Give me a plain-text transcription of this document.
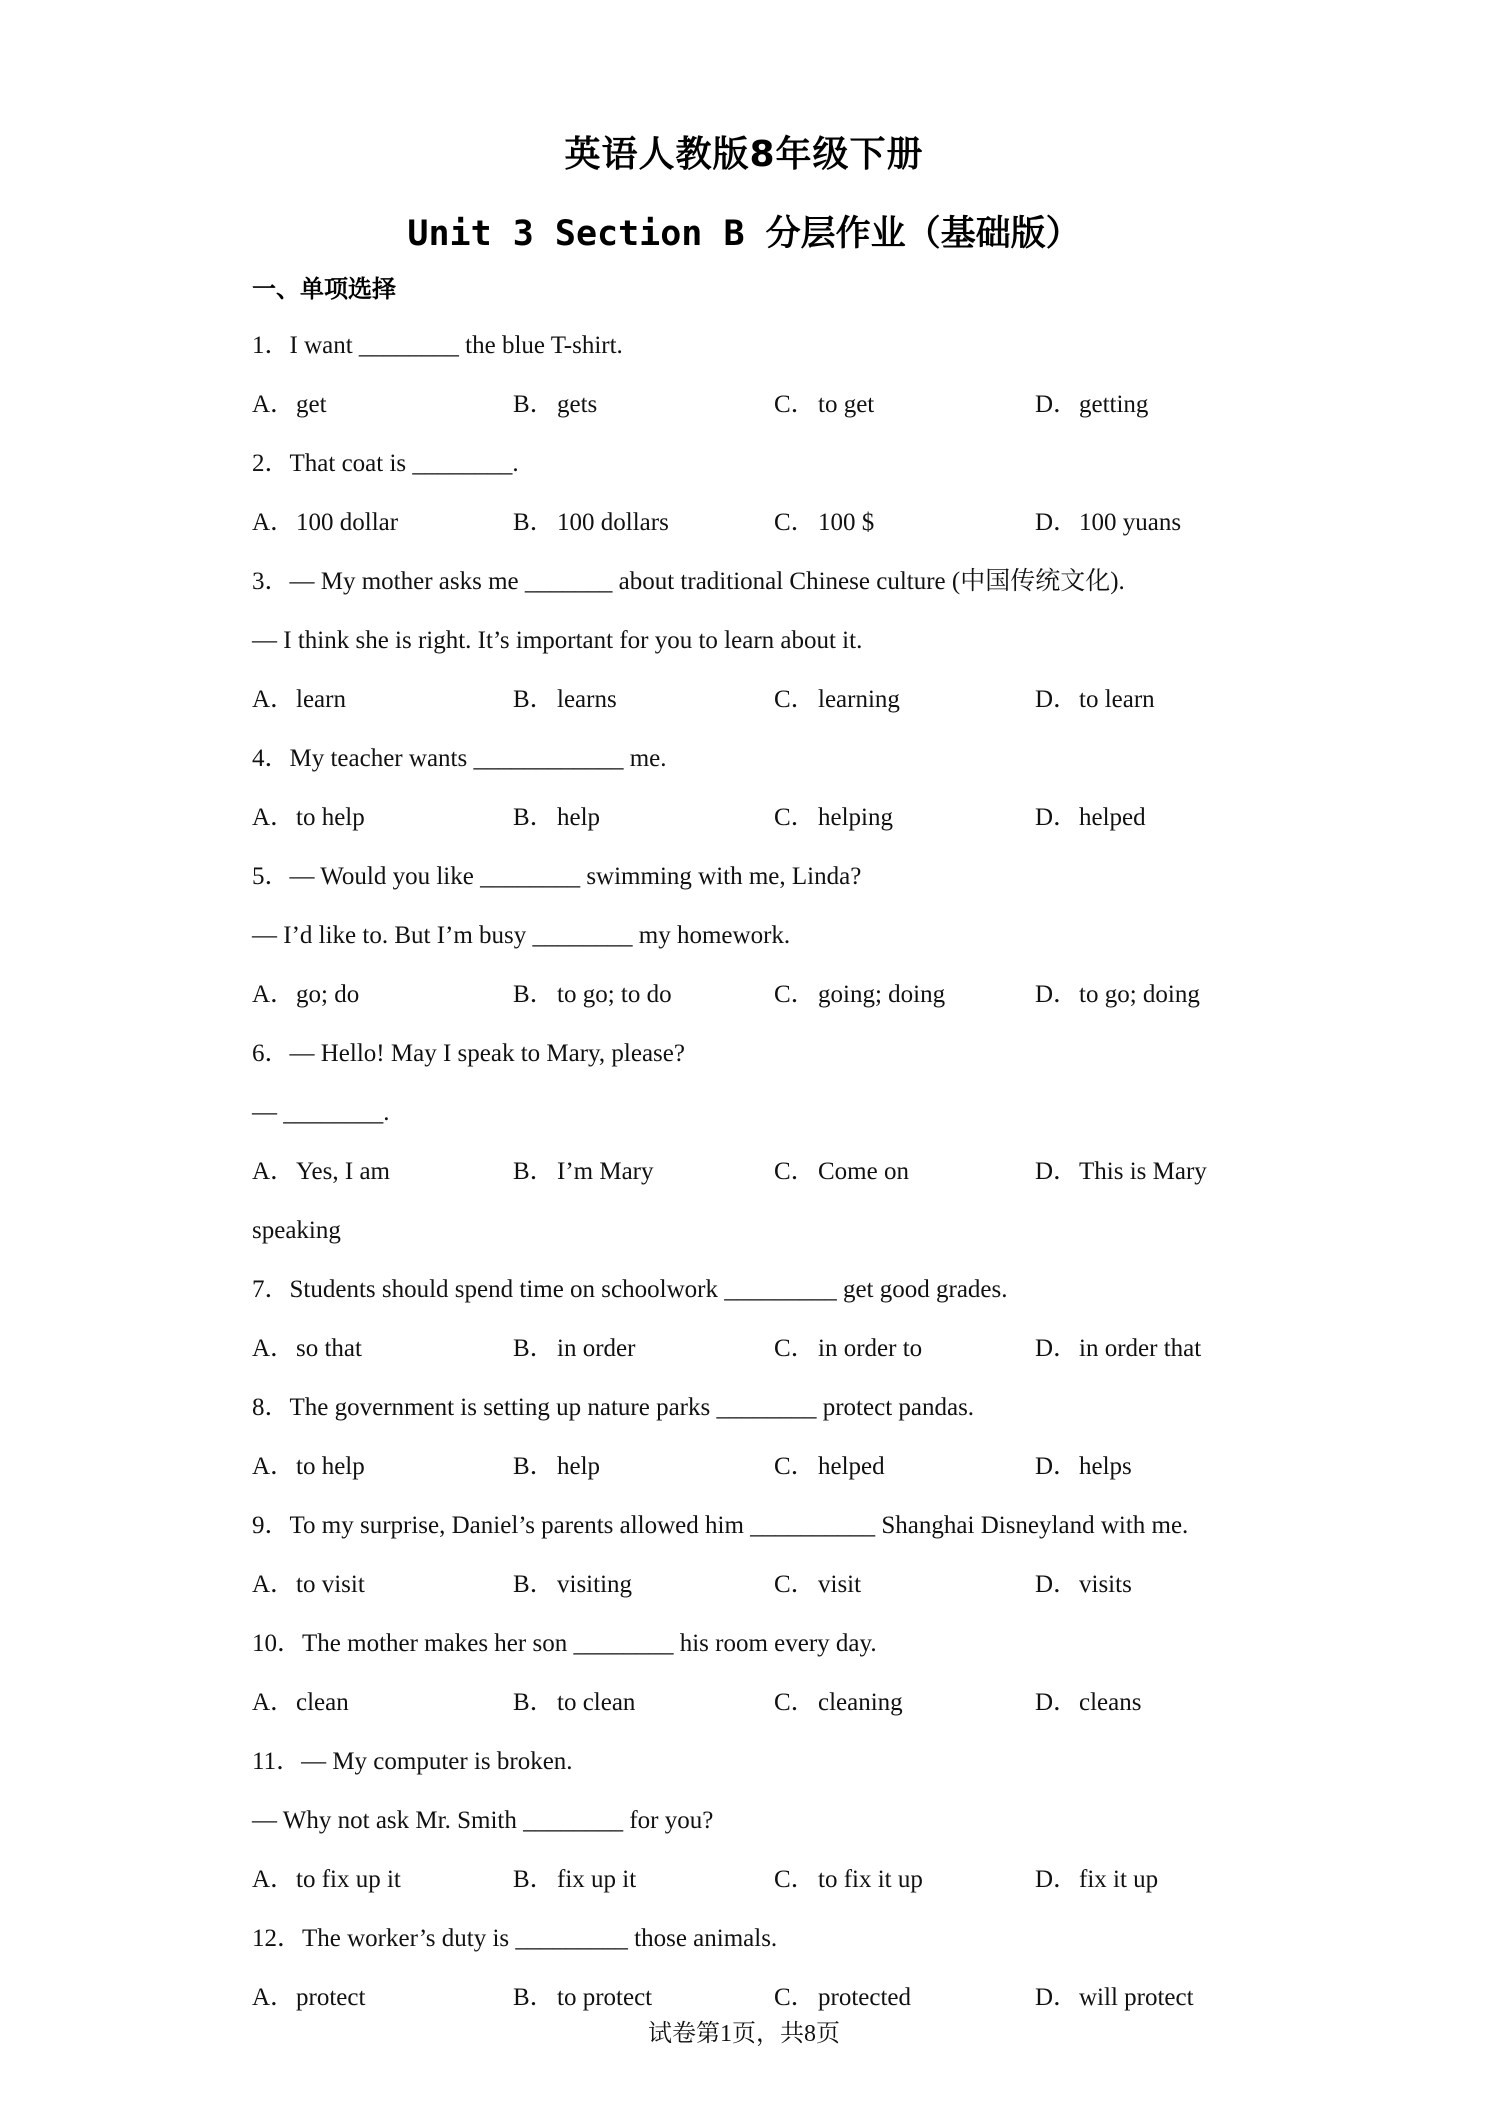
英语人教版8年级下册
Unit 3 Section B 分层作业（基础版）
一、单项选择
1．I want ________ the blue T-shirt.
A．get	B．gets	C．to get	D．getting
2．That coat is ________.
A．100 dollar	B．100 dollars	C．100 $	D．100 yuans
3．— My mother asks me _______ about traditional Chinese culture (中国传统文化).
— I think she is right. It’s important for you to learn about it.
A．learn	B．learns	C．learning	D．to learn
4．My teacher wants ____________ me.
A．to help	B．help	C．helping	D．helped
5．— Would you like ________ swimming with me, Linda?
— I’d like to. But I’m busy ________ my homework.
A．go; do	B．to go; to do	C．going; doing	D．to go; doing
6．— Hello! May I speak to Mary, please?
— ________.
A．Yes, I am	B．I’m Mary	C．Come on	D．This is Mary
speaking
7．Students should spend time on schoolwork _________ get good grades.
A．so that	B．in order	C．in order to	D．in order that
8．The government is setting up nature parks ________ protect pandas.
A．to help	B．help	C．helped	D．helps
9．To my surprise, Daniel’s parents allowed him __________ Shanghai Disneyland with me.
A．to visit	B．visiting	C．visit	D．visits
10．The mother makes her son ________ his room every day.
A．clean	B．to clean	C．cleaning	D．cleans
11．— My computer is broken.
— Why not ask Mr. Smith ________ for you?
A．to fix up it	B．fix up it	C．to fix it up	D．fix it up
12．The worker’s duty is _________ those animals.
A．protect	B．to protect	C．protected	D．will protect
试卷第1页，共8页
